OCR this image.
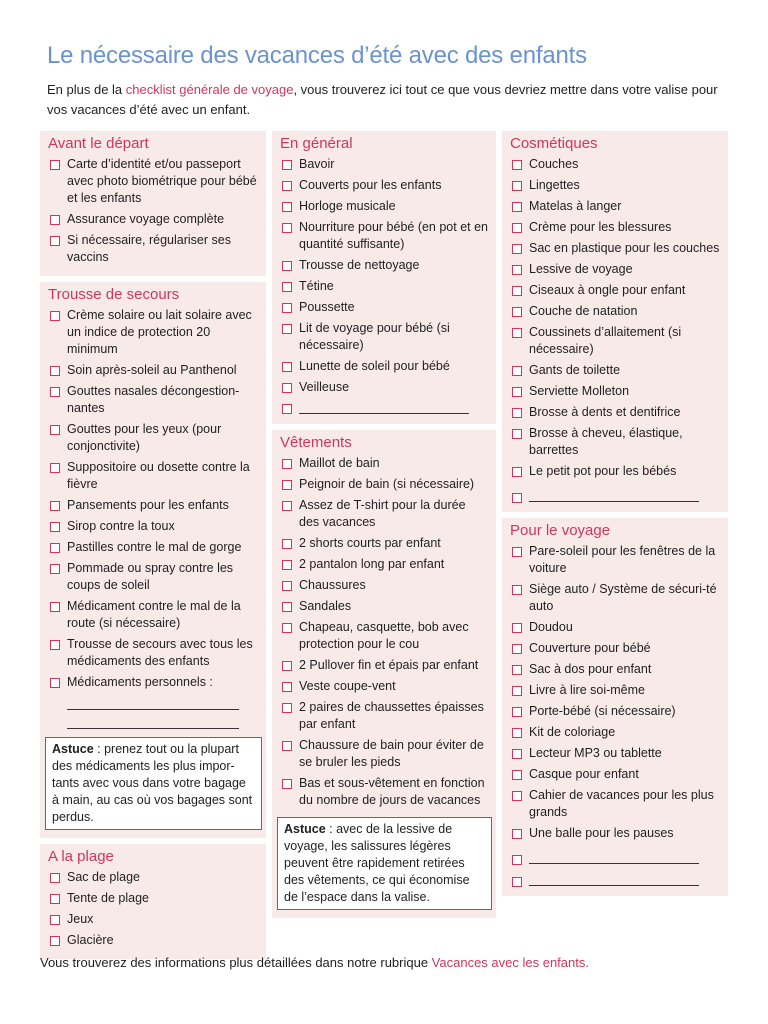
Le nécessaire des vacances d’été avec des enfants

En plus de la checklist générale de voyage, vous trouverez ici tout ce que vous devriez mettre dans votre valise pour vos vacances d’été avec un enfant.

Avant le départ
Carte d’identité et/ou passeport avec photo biométrique pour bébé et les enfants
Assurance voyage complète
Si nécessaire, régulariser ses vaccins
Trousse de secours
Crème solaire ou lait solaire avec un indice de protection 20 minimum
Soin après-soleil au Panthenol
Gouttes nasales décongestion-nantes
Gouttes pour les yeux (pour conjonctivite)
Suppositoire ou dosette contre la fièvre
Pansements pour les enfants
Sirop contre la toux
Pastilles contre le mal de gorge
Pommade ou spray contre les coups de soleil
Médicament contre le mal de la route (si nécessaire)
Trousse de secours avec tous les médicaments des enfants
Médicaments personnels :
Astuce : prenez tout ou la plupart des médicaments les plus impor-tants avec vous dans votre bagage à main, au cas où vos bagages sont perdus.
A la plage
Sac de plage
Tente de plage
Jeux
Glacière
En général
Bavoir
Couverts pour les enfants
Horloge musicale
Nourriture pour bébé (en pot et en quantité suffisante)
Trousse de nettoyage
Tétine
Poussette
Lit de voyage pour bébé (si nécessaire)
Lunette de soleil pour bébé
Veilleuse
Vêtements
Maillot de bain
Peignoir de bain (si nécessaire)
Assez de T-shirt pour la durée des vacances
2 shorts courts par enfant
2 pantalon long par enfant
Chaussures
Sandales
Chapeau, casquette, bob avec protection pour le cou
2 Pullover fin et épais par enfant
Veste coupe-vent
2 paires de chaussettes épaisses par enfant
Chaussure de bain pour éviter de se bruler les pieds
Bas et sous-vêtement en fonction du nombre de jours de vacances
Astuce : avec de la lessive de voyage, les salissures légères peuvent être rapidement retirées des vêtements, ce qui économise de l’espace dans la valise.
Cosmétiques
Couches
Lingettes
Matelas à langer
Crème pour les blessures
Sac en plastique pour les couches
Lessive de voyage
Ciseaux à ongle pour enfant
Couche de natation
Coussinets d’allaitement (si nécessaire)
Gants de toilette
Serviette Molleton
Brosse à dents et dentifrice
Brosse à cheveu, élastique, barrettes
Le petit pot pour les bébés
Pour le voyage
Pare-soleil pour les fenêtres de la voiture
Siège auto / Système de sécuri-té auto
Doudou
Couverture pour bébé
Sac à dos pour enfant
Livre à lire soi-même
Porte-bébé (si nécessaire)
Kit de coloriage
Lecteur MP3 ou tablette
Casque pour enfant
Cahier de vacances pour les plus grands
Une balle pour les pauses

Vous trouverez des informations plus détaillées dans notre rubrique Vacances avec les enfants.
